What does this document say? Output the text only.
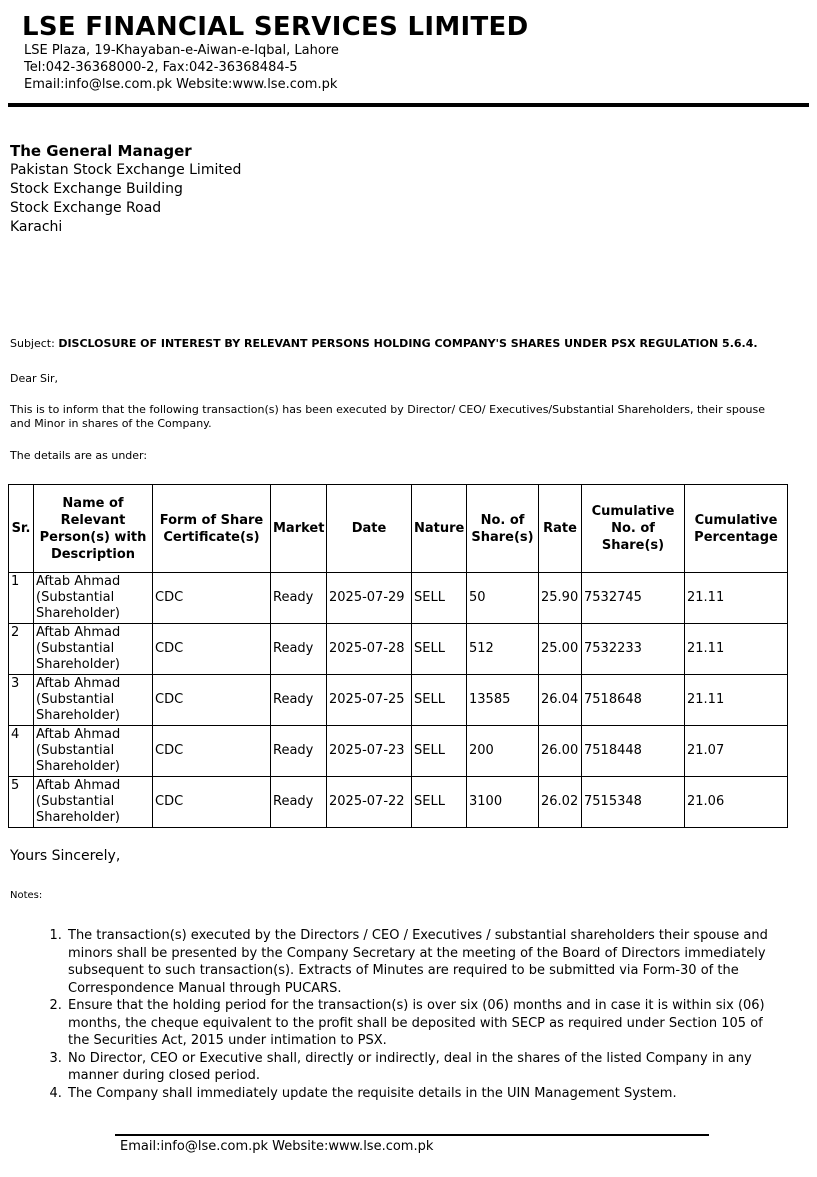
LSE FINANCIAL SERVICES LIMITED
LSE Plaza, 19-Khayaban-e-Aiwan-e-Iqbal, Lahore
Tel:042-36368000-2, Fax:042-36368484-5
Email:info@lse.com.pk Website:www.lse.com.pk
The General Manager
Pakistan Stock Exchange Limited
Stock Exchange Building
Stock Exchange Road
Karachi
Subject: DISCLOSURE OF INTEREST BY RELEVANT PERSONS HOLDING COMPANY'S SHARES UNDER PSX REGULATION 5.6.4.
Dear Sir,
This is to inform that the following transaction(s) has been executed by Director/ CEO/ Executives/Substantial Shareholders, their spouse and Minor in shares of the Company.
The details are as under:
Sr.	Name of Relevant Person(s) with Description	Form of Share Certificate(s)	Market	Date	Nature	No. of Share(s)	Rate	Cumulative No. of Share(s)	Cumulative Percentage
1	Aftab Ahmad (Substantial Shareholder)	CDC	Ready	2025-07-29	SELL	50	25.90	7532745	21.11
2	Aftab Ahmad (Substantial Shareholder)	CDC	Ready	2025-07-28	SELL	512	25.00	7532233	21.11
3	Aftab Ahmad (Substantial Shareholder)	CDC	Ready	2025-07-25	SELL	13585	26.04	7518648	21.11
4	Aftab Ahmad (Substantial Shareholder)	CDC	Ready	2025-07-23	SELL	200	26.00	7518448	21.07
5	Aftab Ahmad (Substantial Shareholder)	CDC	Ready	2025-07-22	SELL	3100	26.02	7515348	21.06
Yours Sincerely,
Notes:
1. The transaction(s) executed by the Directors / CEO / Executives / substantial shareholders their spouse and minors shall be presented by the Company Secretary at the meeting of the Board of Directors immediately subsequent to such transaction(s). Extracts of Minutes are required to be submitted via Form-30 of the Correspondence Manual through PUCARS.
2. Ensure that the holding period for the transaction(s) is over six (06) months and in case it is within six (06) months, the cheque equivalent to the profit shall be deposited with SECP as required under Section 105 of the Securities Act, 2015 under intimation to PSX.
3. No Director, CEO or Executive shall, directly or indirectly, deal in the shares of the listed Company in any manner during closed period.
4. The Company shall immediately update the requisite details in the UIN Management System.
Email:info@lse.com.pk Website:www.lse.com.pk
